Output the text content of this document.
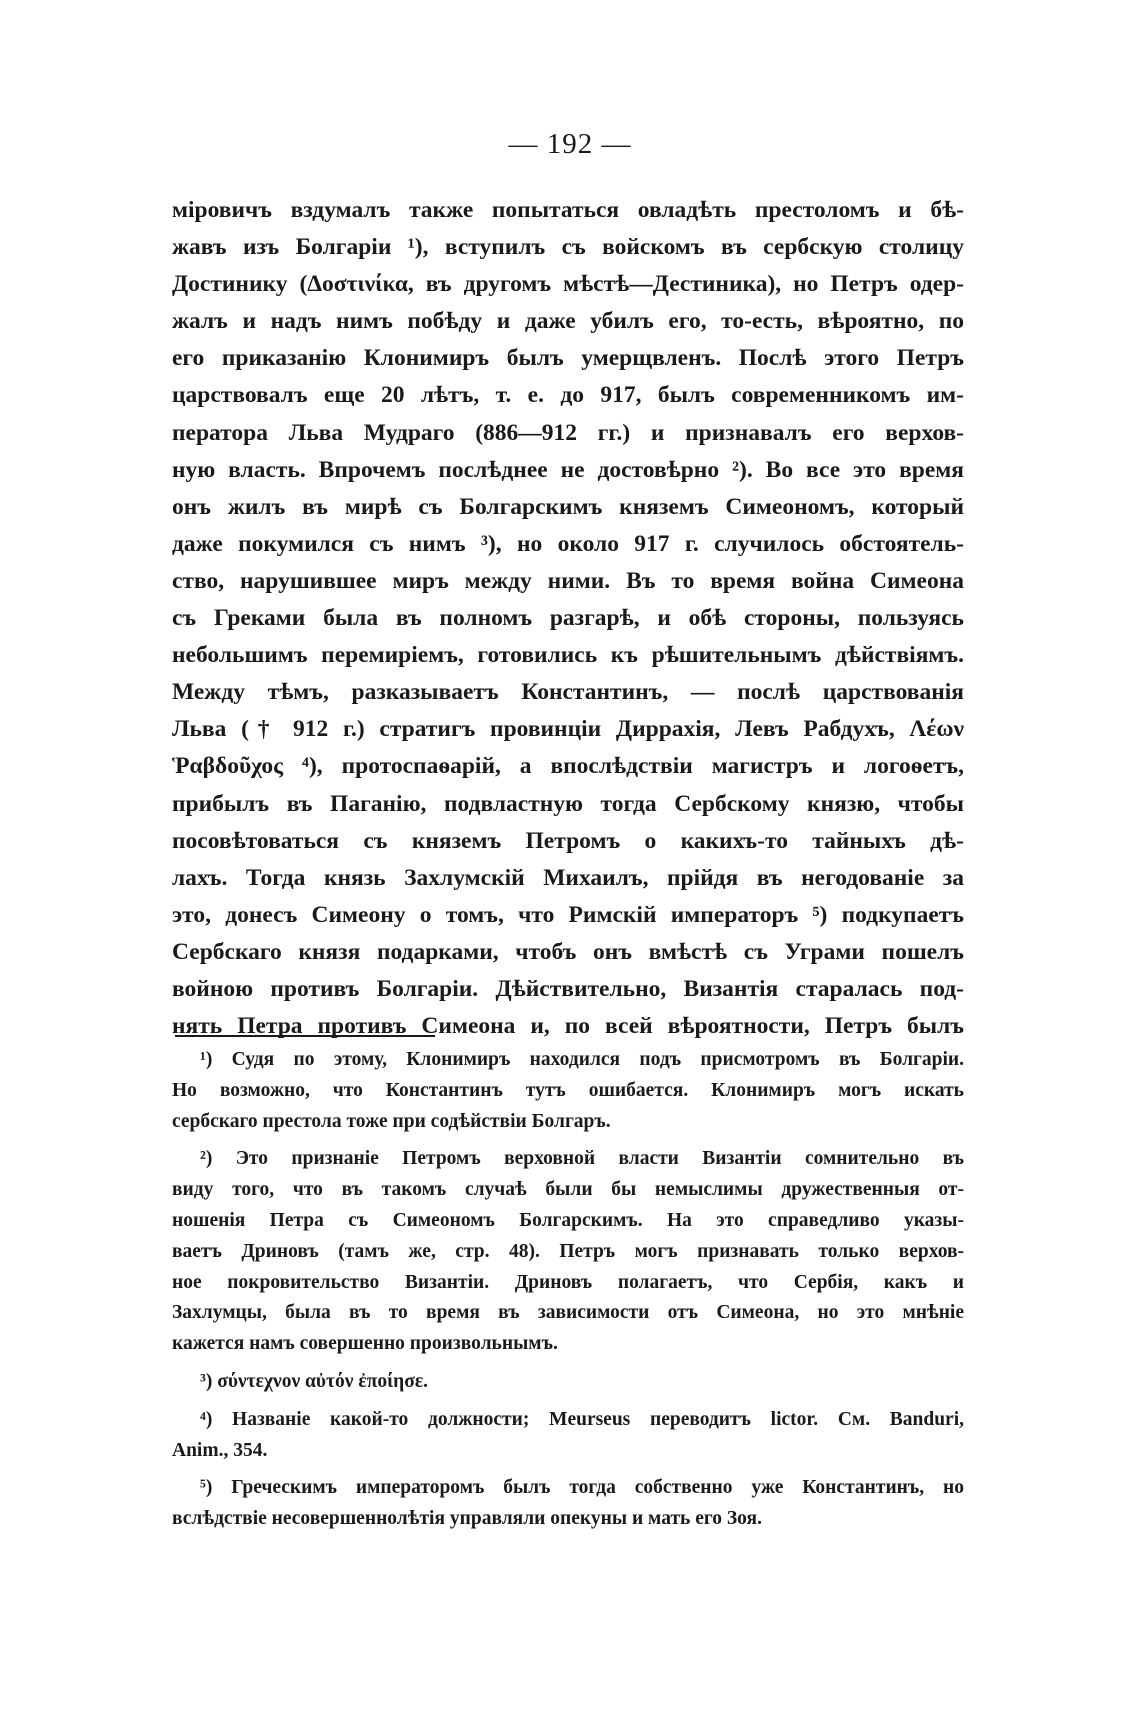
— 192 —
міровичъ вздумалъ также попытаться овладѣть престоломъ и бѣ-
жавъ изъ Болгаріи ¹), вступилъ съ войскомъ въ сербскую столицу
Достинику (Δοστινίκα, въ другомъ мѣстѣ—Дестиника), но Петръ одер-
жалъ и надъ нимъ побѣду и даже убилъ его, то-есть, вѣроятно, по
его приказанію Клонимиръ былъ умерщвленъ. Послѣ этого Петръ
царствовалъ еще 20 лѣтъ, т. е. до 917, былъ современникомъ им-
ператора Льва Мудраго (886—912 гг.) и признавалъ его верхов-
ную власть. Впрочемъ послѣднее не достовѣрно ²). Во все это время
онъ жилъ въ мирѣ съ Болгарскимъ княземъ Симеономъ, который
даже покумился съ нимъ ³), но около 917 г. случилось обстоятель-
ство, нарушившее миръ между ними. Въ то время война Симеона
съ Греками была въ полномъ разгарѣ, и обѣ стороны, пользуясь
небольшимъ перемиріемъ, готовились къ рѣшительнымъ дѣйствіямъ.
Между тѣмъ, разказываетъ Константинъ, — послѣ царствованія
Льва († 912 г.) стратигъ провинціи Диррахія, Левъ Рабдухъ, Λέων
Ῥαβδοῦχος ⁴), протоспаѳарій, а впослѣдствіи магистръ и логоѳетъ,
прибылъ въ Паганію, подвластную тогда Сербскому князю, чтобы
посовѣтоваться съ княземъ Петромъ о какихъ-то тайныхъ дѣ-
лахъ. Тогда князь Захлумскій Михаилъ, прійдя въ негодованіе за
это, донесъ Симеону о томъ, что Римскій императоръ ⁵) подкупаетъ
Сербскаго князя подарками, чтобъ онъ вмѣстѣ съ Уграми пошелъ
войною противъ Болгаріи. Дѣйствительно, Византія старалась под-
нять Петра противъ Симеона и, по всей вѣроятности, Петръ былъ
¹) Судя по этому, Клонимиръ находился подъ присмотромъ въ Болгаріи.
Но возможно, что Константинъ тутъ ошибается. Клонимиръ могъ искать
сербскаго престола тоже при содѣйствіи Болгаръ.
²) Это признаніе Петромъ верховной власти Византіи сомнительно въ
виду того, что въ такомъ случаѣ были бы немыслимы дружественныя от-
ношенія Петра съ Симеономъ Болгарскимъ. На это справедливо указы-
ваетъ Дриновъ (тамъ же, стр. 48). Петръ могъ признавать только верхов-
ное покровительство Византіи. Дриновъ полагаетъ, что Сербія, какъ и
Захлумцы, была въ то время въ зависимости отъ Симеона, но это мнѣніе
кажется намъ совершенно произвольнымъ.
³) σύντεχνον αὐτόν ἐποίησε.
⁴) Названіе какой-то должности; Meurseus переводитъ lictor. См. Banduri,
Anim., 354.
⁵) Греческимъ императоромъ былъ тогда собственно уже Константинъ, но
вслѣдствіе несовершеннолѣтія управляли опекуны и мать его Зоя.
